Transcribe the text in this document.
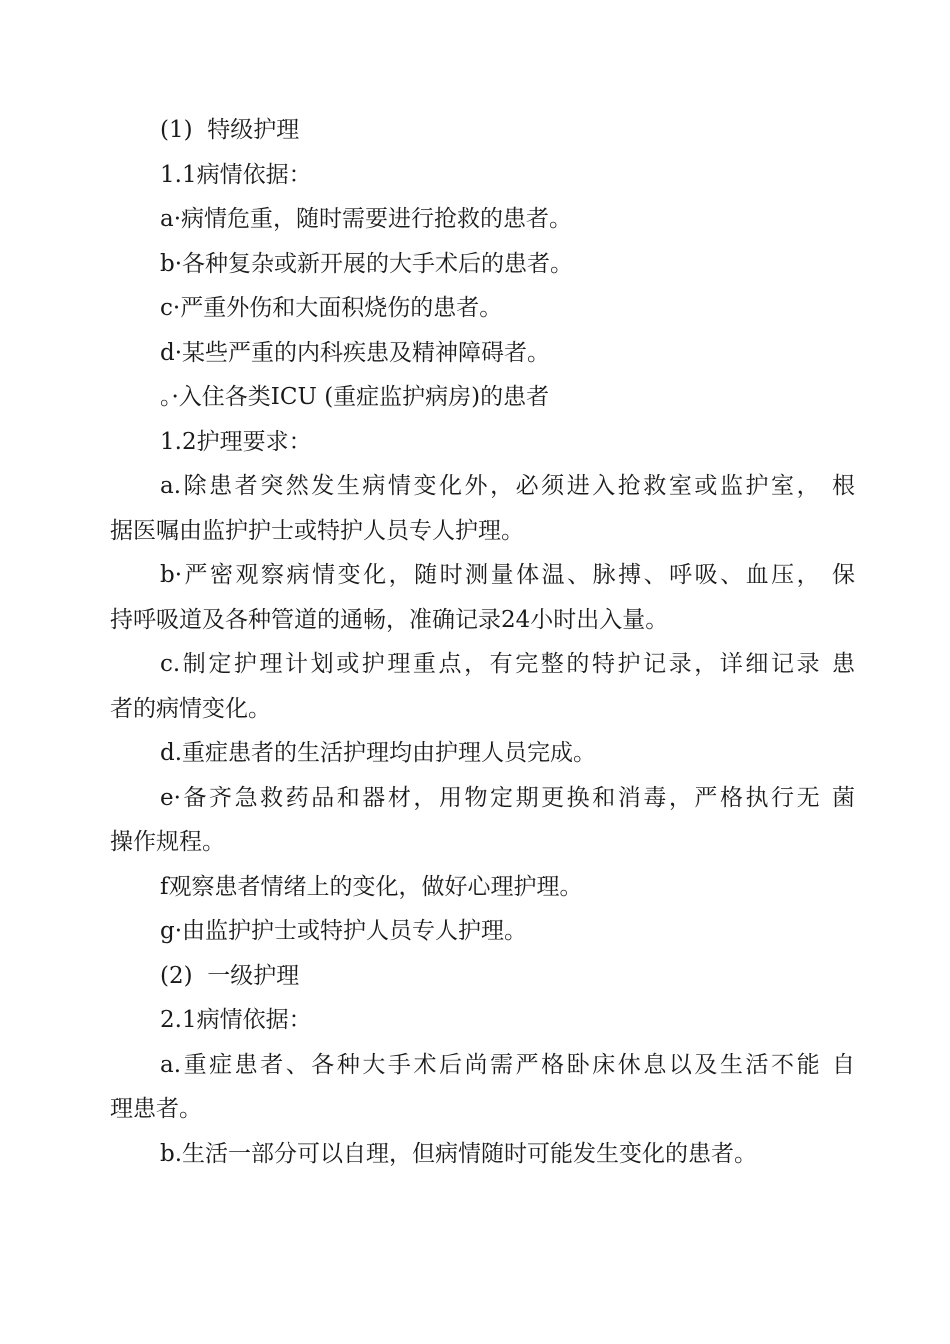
(1)  特级护理

1.1病情依据：

a·病情危重，随时需要进行抢救的患者。

b·各种复杂或新开展的大手术后的患者。

c·严重外伤和大面积烧伤的患者。

d·某些严重的内科疾患及精神障碍者。

。·入住各类ICU (重症监护病房)的患者

1.2护理要求：

a.除患者突然发生病情变化外，必须进入抢救室或监护室， 根

据医嘱由监护护士或特护人员专人护理。

b·严密观察病情变化，随时测量体温、脉搏、呼吸、血压， 保

持呼吸道及各种管道的通畅，准确记录24小时出入量。

c.制定护理计划或护理重点，有完整的特护记录，详细记录 患

者的病情变化。

d.重症患者的生活护理均由护理人员完成。

e·备齐急救药品和器材，用物定期更换和消毒，严格执行无 菌

操作规程。

f观察患者情绪上的变化，做好心理护理。

g·由监护护士或特护人员专人护理。

(2)  一级护理

2.1病情依据：

a.重症患者、各种大手术后尚需严格卧床休息以及生活不能 自

理患者。

b.生活一部分可以自理，但病情随时可能发生变化的患者。
